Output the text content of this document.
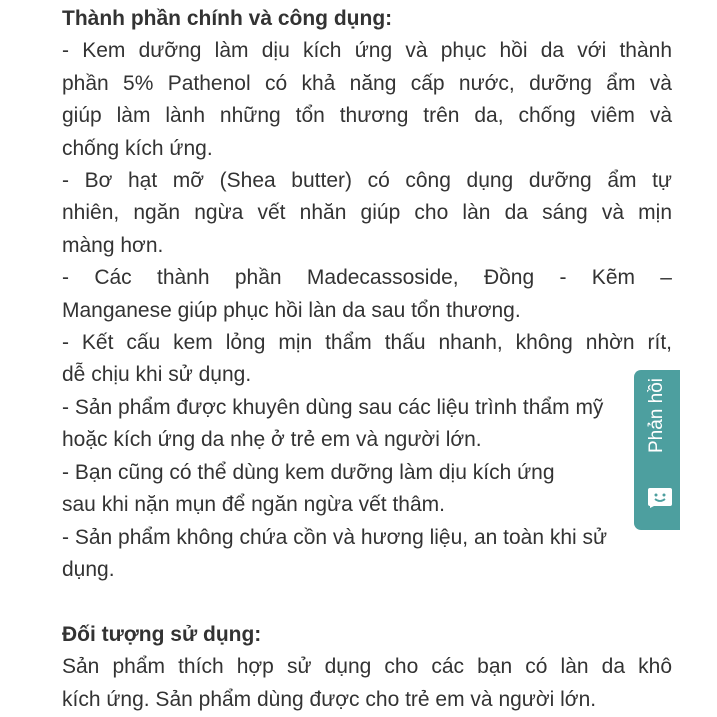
Thành phần chính và công dụng:
- Kem dưỡng làm dịu kích ứng và phục hồi da với thành
phần 5% Pathenol có khả năng cấp nước, dưỡng ẩm và
giúp làm lành những tổn thương trên da, chống viêm và
chống kích ứng.
- Bơ hạt mỡ (Shea butter) có công dụng dưỡng ẩm tự
nhiên, ngăn ngừa vết nhăn giúp cho làn da sáng và mịn
màng hơn.
- Các thành phần Madecassoside, Đồng - Kẽm –
Manganese giúp phục hồi làn da sau tổn thương.
- Kết cấu kem lỏng mịn thẩm thấu nhanh, không nhờn rít,
dễ chịu khi sử dụng.
- Sản phẩm được khuyên dùng sau các liệu trình thẩm mỹ
hoặc kích ứng da nhẹ ở trẻ em và người lớn.
- Bạn cũng có thể dùng kem dưỡng làm dịu kích ứng
sau khi nặn mụn để ngăn ngừa vết thâm.
- Sản phẩm không chứa cồn và hương liệu, an toàn khi sử
dụng.
Đối tượng sử dụng:
Sản phẩm thích hợp sử dụng cho các bạn có làn da khô
kích ứng. Sản phẩm dùng được cho trẻ em và người lớn.
Phản hồi
